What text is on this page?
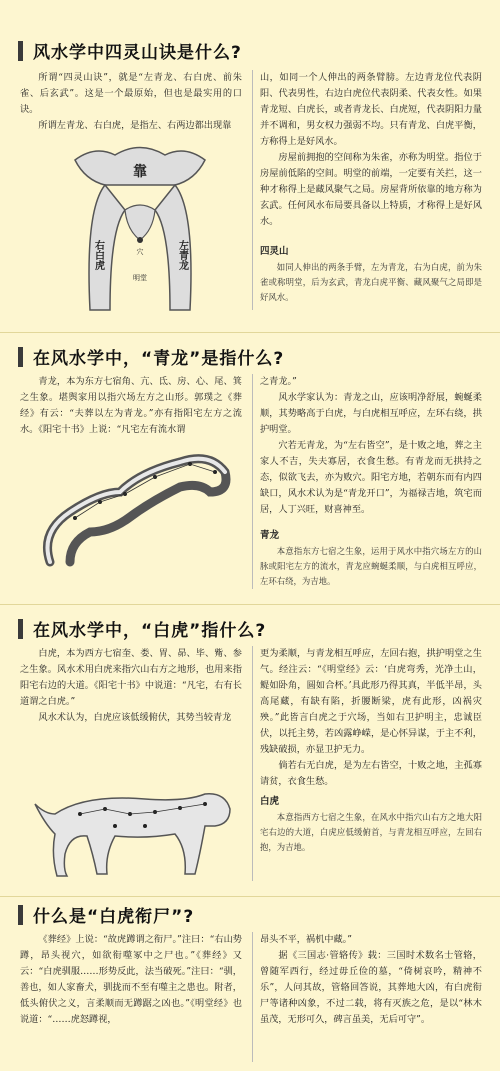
风水学中四灵山诀是什么?

所谓“四灵山诀”，就是“左青龙、右白虎、前朱雀、后玄武”。这是一个最原始，但也是最实用的口诀。

所谓左青龙、右白虎，是指左、右两边都出现靠

靠
右白虎	左青龙
穴
明堂

山，如同一个人伸出的两条臂膀。左边青龙位代表阴阳、代表男性，右边白虎位代表阴柔、代表女性。如果青龙短、白虎长，或者青龙长、白虎短，代表阴阳力量并不调和，男女权力强弱不均。只有青龙、白虎平衡，方称得上是好风水。

房屋前拥抱的空间称为朱雀，亦称为明堂。指位于房屋前低陷的空间。明堂的前端，一定要有关拦，这一种才称得上是藏风聚气之局。房屋背所依靠的地方称为玄武。任何风水布局要具备以上特质，才称得上是好风水。

四灵山

如同人伸出的两条手臂，左为青龙，右为白虎，前为朱雀或称明堂，后为玄武，青龙白虎平衡、藏风聚气之局即是好风水。

在风水学中，“青龙”是指什么?

青龙，本为东方七宿角、亢、氐、房、心、尾、箕之生象。堪舆家用以指穴场左方之山形。郭璞之《葬经》有云：“夫葬以左为青龙。”亦有指阳宅左方之流水。《阳宅十书》上说：“凡宅左有流水谓

之青龙。”

风水学家认为：青龙之山，应该明净舒展，蜿蜒柔顺，其势略高于白虎，与白虎相互呼应，左环右绕，拱护明堂。

穴若无青龙，为“左右皆空”，是十败之地，葬之主家人不吉，失夫寡居，衣食生愁。有青龙而无拱持之态，似欲飞去，亦为败穴。阳宅方地，若朝东而有内四缺口，风水术认为是“青龙开口”，为福禄吉地，筑宅而居，人丁兴旺，财喜神至。

青龙

本意指东方七宿之生象，运用于风水中指穴场左方的山脉或阳宅左方的流水，青龙应蜿蜒柔顺，与白虎相互呼应，左环右绕，为吉地。

在风水学中，“白虎”指什么?

白虎，本为西方七宿奎、娄、胃、昴、毕、觜、参之生象。风水术用白虎来指穴山右方之地形，也用来指阳宅右边的大道。《阳宅十书》中说道：“凡宅，右有长道谓之白虎。”

风水术认为，白虎应该低缓俯伏，其势当较青龙

更为柔顺，与青龙相互呼应，左回右抱，拱护明堂之生气。经注云：“《明堂经》云：‘白虎弯秀，光净土山，鳀如卧角，圆如合杯。’具此形乃得其真，半低半昂，头高尾藏，有缺有陷，折腰断梁，虎有此形，凶祸灾殃。”此皆言白虎之于穴场，当如右卫护明主，忠诚臣伏，以托主势，若凶露峥嵘，是心怀异谋，于主不利，残缺破损，亦显卫护无力。

倘若右无白虎，是为左右皆空，十败之地，主孤寡请贫，衣食生愁。

白虎

本意指西方七宿之生象，在风水中指穴山右方之地大阳宅右边的大道，白虎应低缓俯首，与青龙相互呼应，左回右抱，为吉地。

什么是“白虎衔尸”?

《葬经》上说：“故虎蹲谓之衔尸。”注曰：“右山势蹲，昂头视穴，如欲衔噬冢中之尸也。”《葬经》又云：“白虎驯服……形势反此，法当破死。”注曰：“驯，善也，如人家畜犬，驯拢而不至有噬主之患也。附者，低头俯伏之义，言柔顺而无蹲踞之凶也。”《明堂经》也说道：“……虎怒蹲视，

昂头不平，祸机中藏。”

据《三国志·管辂传》载：三国时术数名士管辂，曾随军西行，经过毋丘俭的墓，“倚树哀吟，精神不乐”，人问其故，管辂回答说，其葬地大凶，有白虎衔尸等诸种凶象，不过二载，将有灭族之危，是以“林木虽茂，无形可久，碑言虽美，无后可守”。
